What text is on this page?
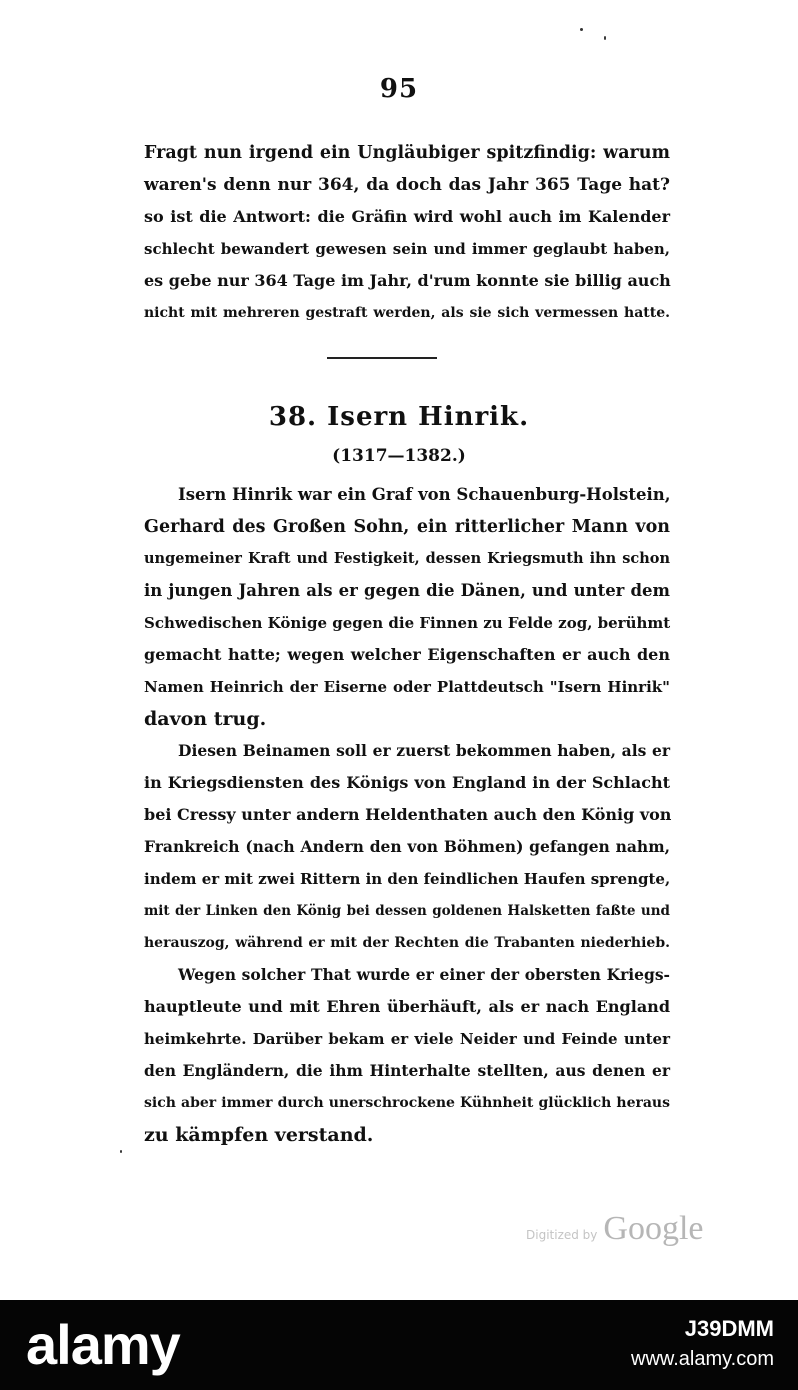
95
Fragt nun irgend ein Ungläubiger spitzfindig: warum
waren's denn nur 364, da doch das Jahr 365 Tage hat?
so ist die Antwort: die Gräfin wird wohl auch im Kalender
schlecht bewandert gewesen sein und immer geglaubt haben,
es gebe nur 364 Tage im Jahr, d'rum konnte sie billig auch
nicht mit mehreren gestraft werden, als sie sich vermessen hatte.
38. Isern Hinrik.
(1317—1382.)
Isern Hinrik war ein Graf von Schauenburg-Holstein,
Gerhard des Großen Sohn, ein ritterlicher Mann von
ungemeiner Kraft und Festigkeit, dessen Kriegsmuth ihn schon
in jungen Jahren als er gegen die Dänen, und unter dem
Schwedischen Könige gegen die Finnen zu Felde zog, berühmt
gemacht hatte; wegen welcher Eigenschaften er auch den
Namen Heinrich der Eiserne oder Plattdeutsch "Isern Hinrik"
davon trug.
Diesen Beinamen soll er zuerst bekommen haben, als er
in Kriegsdiensten des Königs von England in der Schlacht
bei Cressy unter andern Heldenthaten auch den König von
Frankreich (nach Andern den von Böhmen) gefangen nahm,
indem er mit zwei Rittern in den feindlichen Haufen sprengte,
mit der Linken den König bei dessen goldenen Halsketten faßte und
herauszog, während er mit der Rechten die Trabanten niederhieb.
Wegen solcher That wurde er einer der obersten Kriegs-
hauptleute und mit Ehren überhäuft, als er nach England
heimkehrte. Darüber bekam er viele Neider und Feinde unter
den Engländern, die ihm Hinterhalte stellten, aus denen er
sich aber immer durch unerschrockene Kühnheit glücklich heraus
zu kämpfen verstand.
Digitized by Google
alamy	J39DMM
www.alamy.com
